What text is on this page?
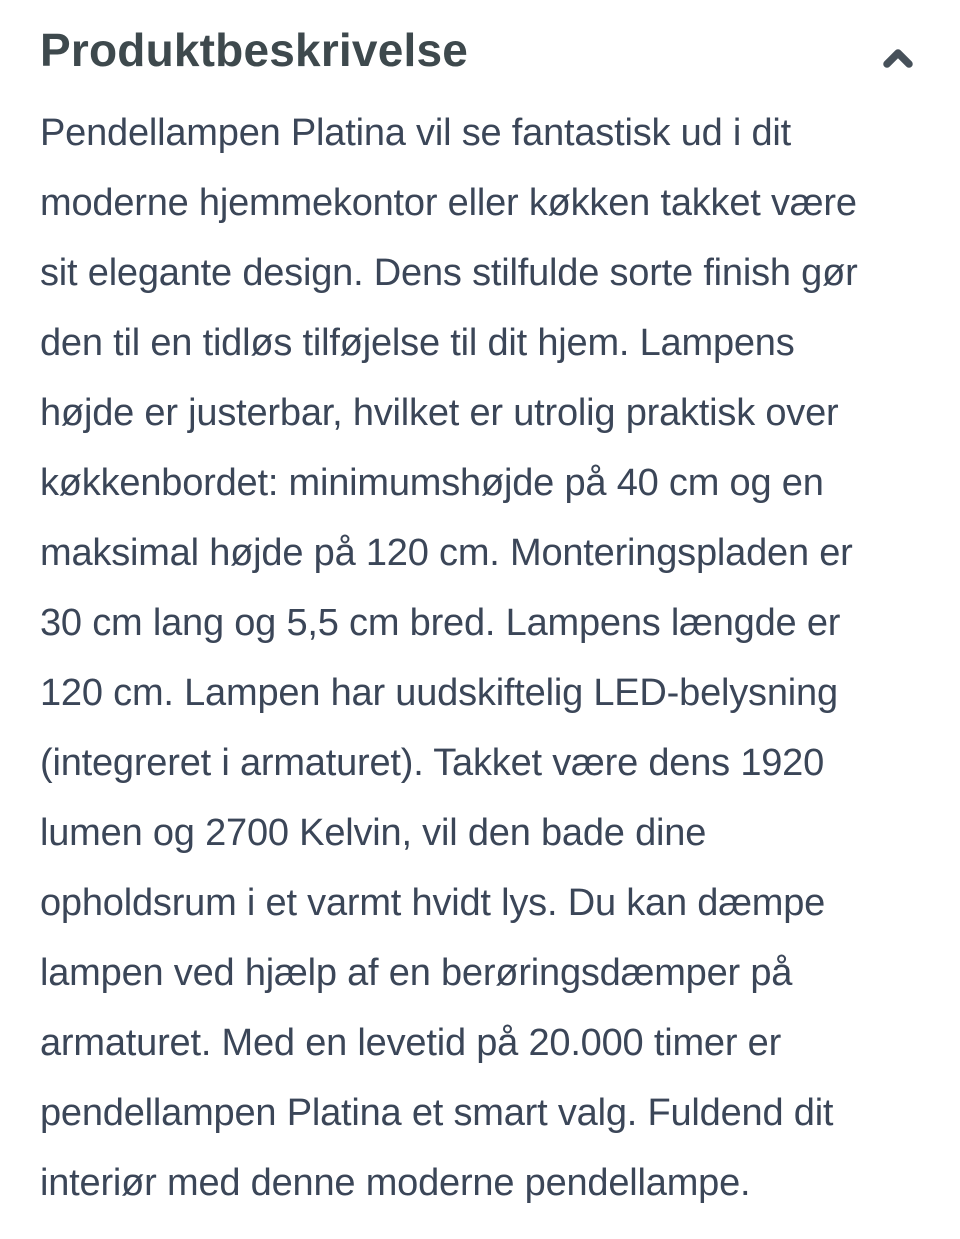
Produktbeskrivelse
Pendellampen Platina vil se fantastisk ud i dit
moderne hjemmekontor eller køkken takket være
sit elegante design. Dens stilfulde sorte finish gør
den til en tidløs tilføjelse til dit hjem. Lampens
højde er justerbar, hvilket er utrolig praktisk over
køkkenbordet: minimumshøjde på 40 cm og en
maksimal højde på 120 cm. Monteringspladen er
30 cm lang og 5,5 cm bred. Lampens længde er
120 cm. Lampen har uudskiftelig LED-belysning
(integreret i armaturet). Takket være dens 1920
lumen og 2700 Kelvin, vil den bade dine
opholdsrum i et varmt hvidt lys. Du kan dæmpe
lampen ved hjælp af en berøringsdæmper på
armaturet. Med en levetid på 20.000 timer er
pendellampen Platina et smart valg. Fuldend dit
interiør med denne moderne pendellampe.
